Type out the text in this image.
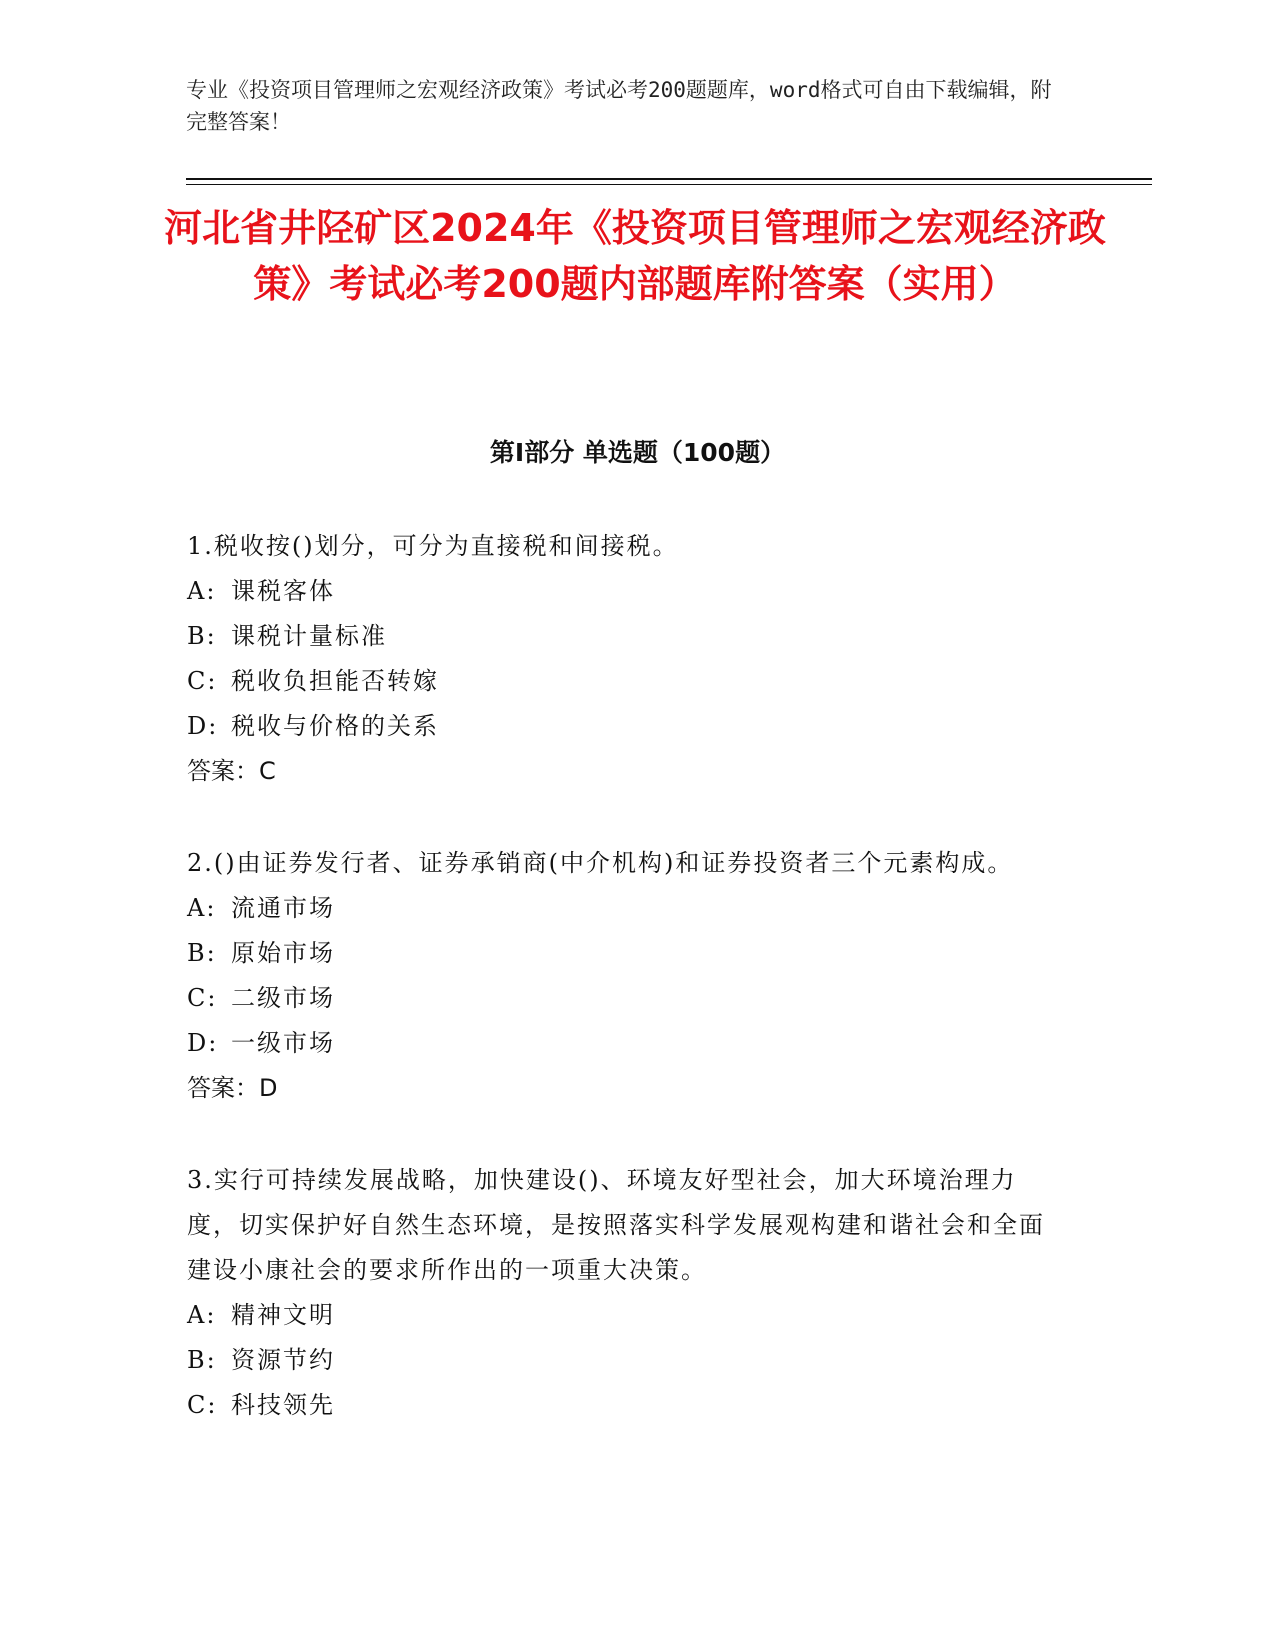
专业《投资项目管理师之宏观经济政策》考试必考200题题库，word格式可自由下载编辑，附完整答案！

河北省井陉矿区2024年《投资项目管理师之宏观经济政策》考试必考200题内部题库附答案（实用）
第Ⅰ部分 单选题（100题）

1.税收按()划分，可分为直接税和间接税。

A: 课税客体
B: 课税计量标准
C: 税收负担能否转嫁
D: 税收与价格的关系

答案：C

2.()由证券发行者、证券承销商(中介机构)和证券投资者三个元素构成。

A: 流通市场
B: 原始市场
C: 二级市场
D: 一级市场

答案：D

3.实行可持续发展战略，加快建设()、环境友好型社会，加大环境治理力度，切实保护好自然生态环境，是按照落实科学发展观构建和谐社会和全面建设小康社会的要求所作出的一项重大决策。

A: 精神文明
B: 资源节约
C: 科技领先
